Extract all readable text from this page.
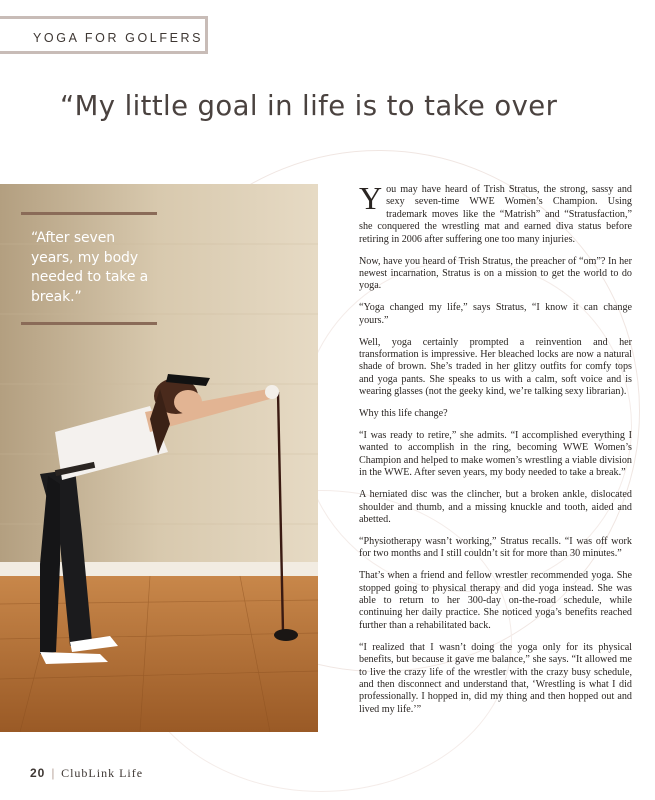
YOGA FOR GOLFERS
“My little goal in life is to take over
“After seven years, my body needed to take a break.”

You may have heard of Trish Stratus, the strong, sassy and sexy seven-time WWE Women’s Champion. Using trademark moves like the “Matrish” and “Stratusfaction,” she conquered the wrestling mat and earned diva status before retiring in 2006 after suffering one too many injuries.

Now, have you heard of Trish Stratus, the preacher of “om”? In her newest incarnation, Stratus is on a mission to get the world to do yoga.

“Yoga changed my life,” says Stratus, “I know it can change yours.”

Well, yoga certainly prompted a reinvention and her transformation is impressive. Her bleached locks are now a natural shade of brown. She’s traded in her glitzy outfits for comfy tops and yoga pants. She speaks to us with a calm, soft voice and is wearing glasses (not the geeky kind, we’re talking sexy librarian).

Why this life change?

“I was ready to retire,” she admits. “I accomplished everything I wanted to accomplish in the ring, becoming WWE Women’s Champion and helped to make women’s wrestling a viable division in the WWE. After seven years, my body needed to take a break.”

A herniated disc was the clincher, but a broken ankle, dislocated shoulder and thumb, and a missing knuckle and tooth, aided and abetted.

“Physiotherapy wasn’t working,” Stratus recalls. “I was off work for two months and I still couldn’t sit for more than 30 minutes.”

That’s when a friend and fellow wrestler recommended yoga. She stopped going to physical therapy and did yoga instead. She was able to return to her 300-day on-the-road schedule, while continuing her daily practice. She noticed yoga’s benefits reached further than a rehabilitated back.

“I realized that I wasn’t doing the yoga only for its physical benefits, but because it gave me balance,” she says. “It allowed me to live the crazy life of the wrestler with the crazy busy schedule, and then disconnect and understand that, ‘Wrestling is what I did professionally. I hopped in, did my thing and then hopped out and lived my life.’”

20 | ClubLink Life
